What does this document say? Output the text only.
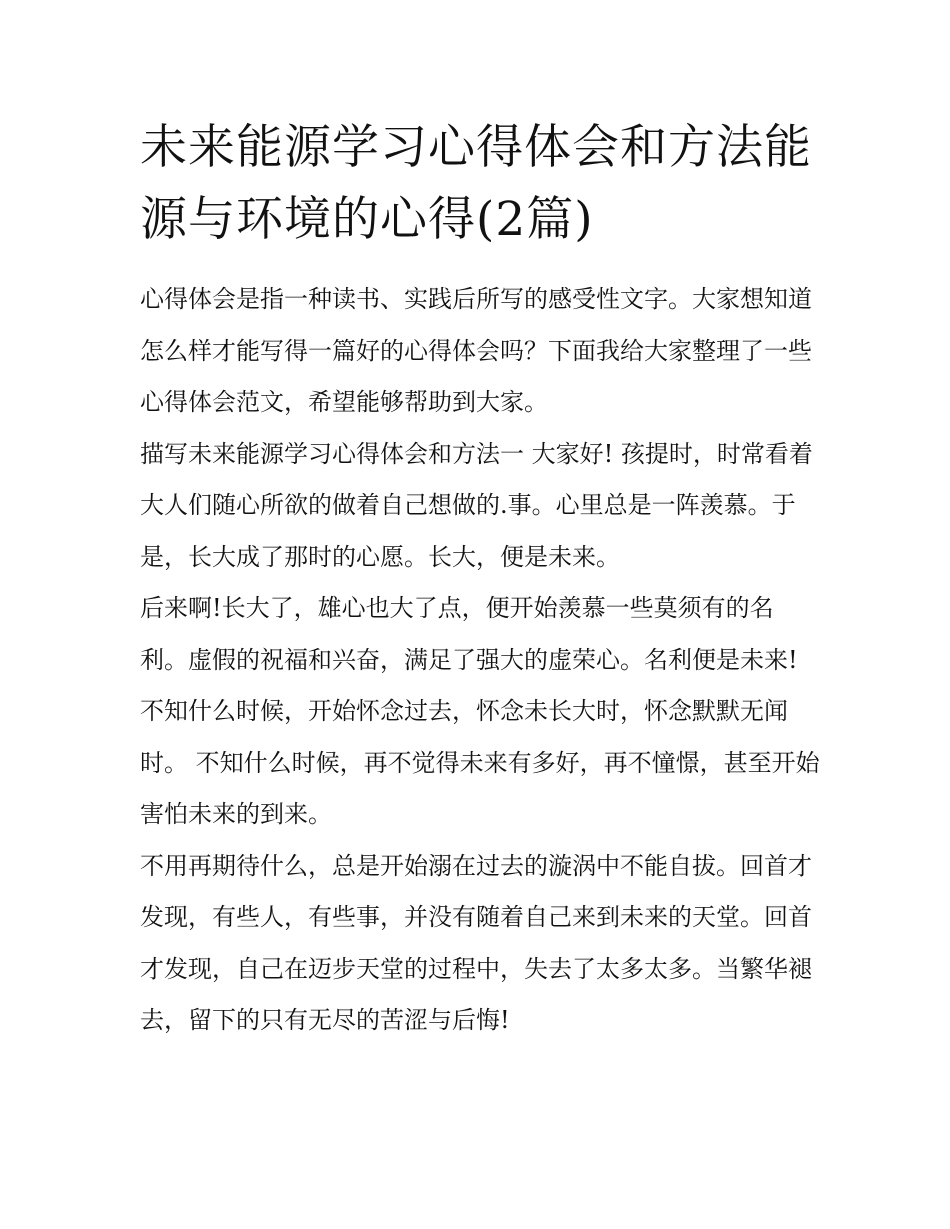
未来能源学习心得体会和方法能源与环境的心得(2篇)

心得体会是指一种读书、实践后所写的感受性文字。大家想知道怎么样才能写得一篇好的心得体会吗？下面我给大家整理了一些心得体会范文，希望能够帮助到大家。

描写未来能源学习心得体会和方法一 大家好! 孩提时，时常看着大人们随心所欲的做着自己想做的.事。心里总是一阵羡慕。于是，长大成了那时的心愿。长大，便是未来。

后来啊!长大了，雄心也大了点，便开始羡慕一些莫须有的名利。虚假的祝福和兴奋，满足了强大的虚荣心。名利便是未来!

不知什么时候，开始怀念过去，怀念未长大时，怀念默默无闻时。 不知什么时候，再不觉得未来有多好，再不憧憬，甚至开始害怕未来的到来。

不用再期待什么，总是开始溺在过去的漩涡中不能自拔。回首才发现，有些人，有些事，并没有随着自己来到未来的天堂。回首才发现，自己在迈步天堂的过程中，失去了太多太多。当繁华褪去，留下的只有无尽的苦涩与后悔!
